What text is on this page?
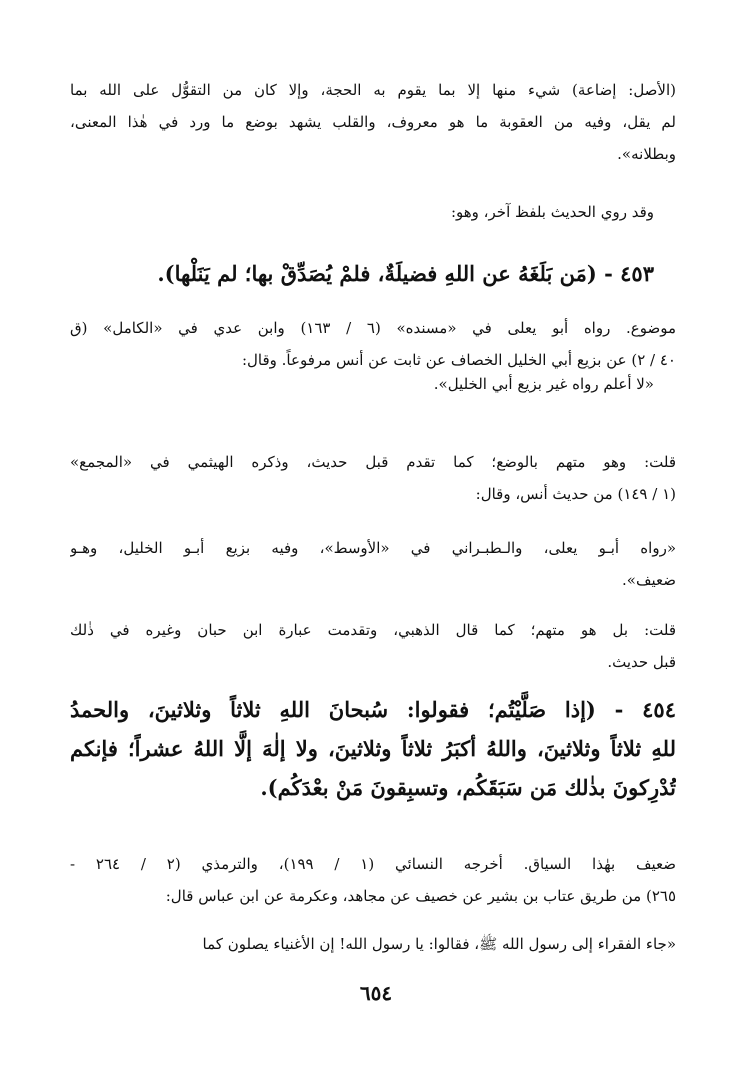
(الأصل: إضاعة) شيء منها إلا بما يقوم به الحجة، وإلا كان من التقوُّل على الله بما
لم يقل، وفيه من العقوبة ما هو معروف، والقلب يشهد بوضع ما ورد في هٰذا المعنى،
وبطلانه».
وقد روي الحديث بلفظ آخر، وهو:
٤٥٣ - (مَن بَلَغَهُ عن اللهِ فضيلَةٌ، فلمْ يُصَدِّقْ بها؛ لم يَنَلْها).
موضوع. رواه أبو يعلى في «مسنده» (٦ / ١٦٣) وابن عدي في «الكامل» (ق
٤٠ / ٢) عن بزيع أبي الخليل الخصاف عن ثابت عن أنس مرفوعاً. وقال:
«لا أعلم رواه غير بزيع أبي الخليل».
قلت: وهو متهم بالوضع؛ كما تقدم قبل حديث، وذكره الهيثمي في «المجمع»
(١ / ١٤٩) من حديث أنس، وقال:
«رواه أبـو يعلى، والـطبـراني في «الأوسط»، وفيه بزيع أبـو الخليل، وهـو
ضعيف».
قلت: بل هو متهم؛ كما قال الذهبي، وتقدمت عبارة ابن حبان وغيره في ذٰلك
قبل حديث.
٤٥٤ - (إذا صَلَّيْتُم؛ فقولوا: سُبحانَ اللهِ ثلاثاً وثلاثينَ، والحمدُ
للهِ ثلاثاً وثلاثينَ، واللهُ أكبَرُ ثلاثاً وثلاثينَ، ولا إلٰهَ إلَّا اللهُ عشراً؛ فإنكم
تُدْرِكونَ بذٰلك مَن سَبَقَكُم، وتسبِقونَ مَنْ بعْدَكُم).
ضعيف بهٰذا السياق. أخرجه النسائي (١ / ١٩٩)، والترمذي (٢ / ٢٦٤ -
٢٦٥) من طريق عتاب بن بشير عن خصيف عن مجاهد، وعكرمة عن ابن عباس قال:
«جاء الفقراء إلى رسول الله ﷺ، فقالوا: يا رسول الله! إن الأغنياء يصلون كما
٦٥٤
